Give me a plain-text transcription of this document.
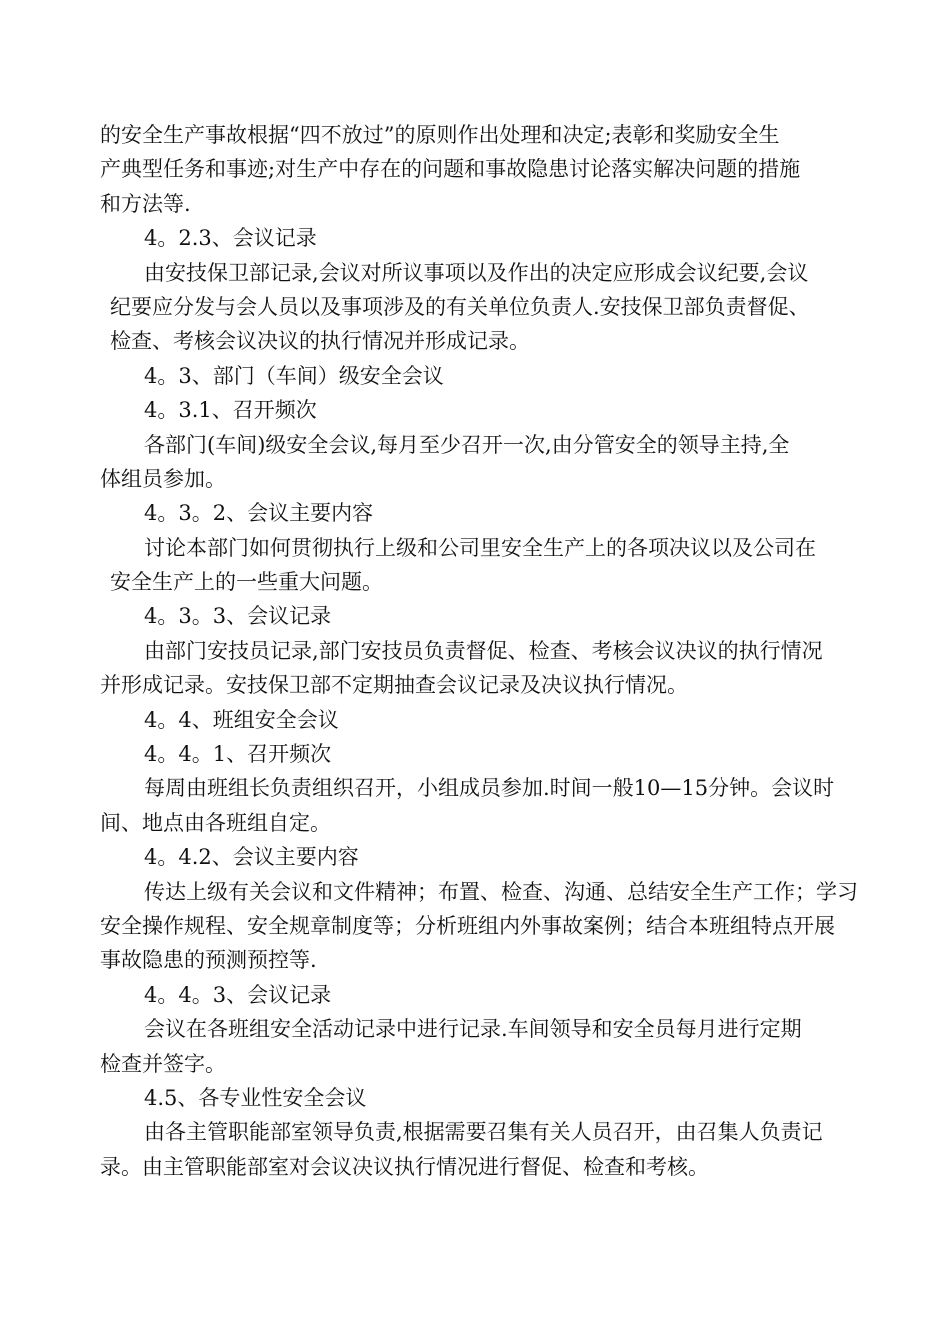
的安全生产事故根据“四不放过”的原则作出处理和决定;表彰和奖励安全生
产典型任务和事迹;对生产中存在的问题和事故隐患讨论落实解决问题的措施
和方法等.
4。2.3、会议记录
由安技保卫部记录,会议对所议事项以及作出的决定应形成会议纪要,会议
纪要应分发与会人员以及事项涉及的有关单位负责人.安技保卫部负责督促、
检查、考核会议决议的执行情况并形成记录。
4。3、部门（车间）级安全会议
4。3.1、召开频次
各部门(车间)级安全会议,每月至少召开一次,由分管安全的领导主持,全
体组员参加。
4。3。2、会议主要内容
讨论本部门如何贯彻执行上级和公司里安全生产上的各项决议以及公司在
安全生产上的一些重大问题。
4。3。3、会议记录
由部门安技员记录,部门安技员负责督促、检查、考核会议决议的执行情况
并形成记录。安技保卫部不定期抽查会议记录及决议执行情况。
4。4、班组安全会议
4。4。1、召开频次
每周由班组长负责组织召开，小组成员参加.时间一般10—15分钟。会议时
间、地点由各班组自定。
4。4.2、会议主要内容
传达上级有关会议和文件精神；布置、检查、沟通、总结安全生产工作；学习
安全操作规程、安全规章制度等；分析班组内外事故案例；结合本班组特点开展
事故隐患的预测预控等.
4。4。3、会议记录
会议在各班组安全活动记录中进行记录.车间领导和安全员每月进行定期
检查并签字。
4.5、各专业性安全会议
由各主管职能部室领导负责,根据需要召集有关人员召开，由召集人负责记
录。由主管职能部室对会议决议执行情况进行督促、检查和考核。
